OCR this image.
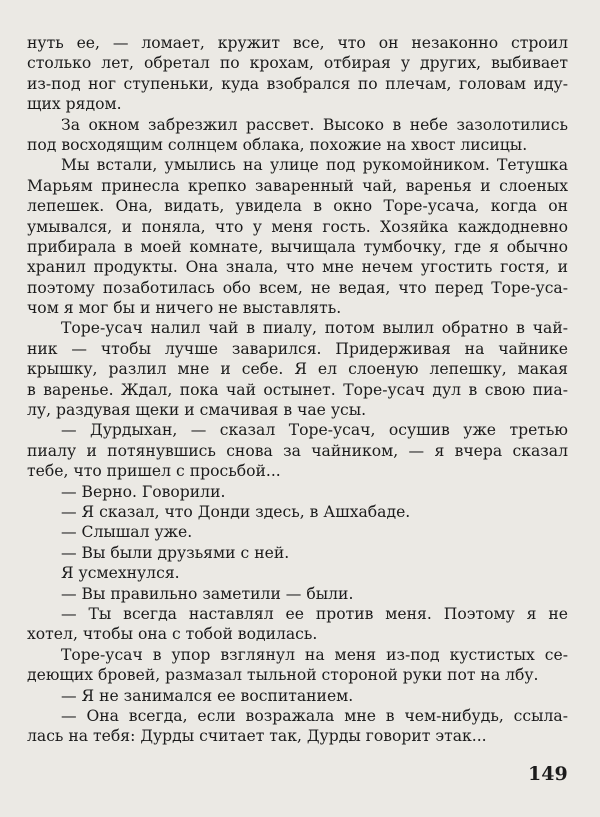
нуть ее, — ломает, кружит все, что он незаконно строил
столько лет, обретал по крохам, отбирая у других, выбивает
из-под ног ступеньки, куда взобрался по плечам, головам иду-
щих рядом.
За окном забрезжил рассвет. Высоко в небе зазолотились
под восходящим солнцем облака, похожие на хвост лисицы.
Мы встали, умылись на улице под рукомойником. Тетушка
Марьям принесла крепко заваренный чай, варенья и слоеных
лепешек. Она, видать, увидела в окно Торе-усача, когда он
умывался, и поняла, что у меня гость. Хозяйка каждодневно
прибирала в моей комнате, вычищала тумбочку, где я обычно
хранил продукты. Она знала, что мне нечем угостить гостя, и
поэтому позаботилась обо всем, не ведая, что перед Торе-уса-
чом я мог бы и ничего не выставлять.
Торе-усач налил чай в пиалу, потом вылил обратно в чай-
ник — чтобы лучше заварился. Придерживая на чайнике
крышку, разлил мне и себе. Я ел слоеную лепешку, макая
в варенье. Ждал, пока чай остынет. Торе-усач дул в свою пиа-
лу, раздувая щеки и смачивая в чае усы.
— Дурдыхан, — сказал Торе-усач, осушив уже третью
пиалу и потянувшись снова за чайником, — я вчера сказал
тебе, что пришел с просьбой...
— Верно. Говорили.
— Я сказал, что Донди здесь, в Ашхабаде.
— Слышал уже.
— Вы были друзьями с ней.
Я усмехнулся.
— Вы правильно заметили — были.
— Ты всегда наставлял ее против меня. Поэтому я не
хотел, чтобы она с тобой водилась.
Торе-усач в упор взглянул на меня из-под кустистых се-
деющих бровей, размазал тыльной стороной руки пот на лбу.
— Я не занимался ее воспитанием.
— Она всегда, если возражала мне в чем-нибудь, ссыла-
лась на тебя: Дурды считает так, Дурды говорит этак...
149
